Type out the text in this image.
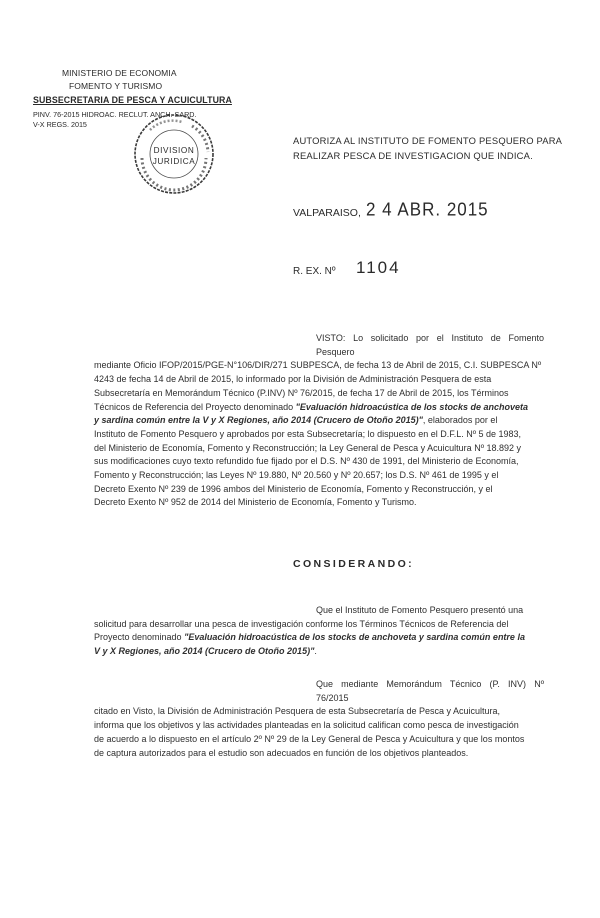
MINISTERIO DE ECONOMIA
FOMENTO Y TURISMO
SUBSECRETARIA DE PESCA Y ACUICULTURA
PINV. 76-2015 HIDROAC. RECLUT. ANCH. SARD.
V-X REGS. 2015
DIVISION
JURIDICA
AUTORIZA AL INSTITUTO DE FOMENTO PESQUERO PARA
REALIZAR PESCA DE INVESTIGACION QUE INDICA.
VALPARAISO, 2 4 ABR. 2015
R. EX. Nº 1104
VISTO: Lo solicitado por el Instituto de Fomento Pesquero
mediante Oficio IFOP/2015/PGE-N°106/DIR/271 SUBPESCA, de fecha 13 de Abril de 2015, C.I. SUBPESCA Nº
4243 de fecha 14 de Abril de 2015, lo informado por la División de Administración Pesquera de esta
Subsecretaría en Memorándum Técnico (P.INV) Nº 76/2015, de fecha 17 de Abril de 2015, los Términos
Técnicos de Referencia del Proyecto denominado "Evaluación hidroacústica de los stocks de anchoveta
y sardina común entre la V y X Regiones, año 2014 (Crucero de Otoño 2015)", elaborados por el
Instituto de Fomento Pesquero y aprobados por esta Subsecretaría; lo dispuesto en el D.F.L. Nº 5 de 1983,
del Ministerio de Economía, Fomento y Reconstrucción; la Ley General de Pesca y Acuicultura Nº 18.892 y
sus modificaciones cuyo texto refundido fue fijado por el D.S. Nº 430 de 1991, del Ministerio de Economía,
Fomento y Reconstrucción; las Leyes Nº 19.880, Nº 20.560 y Nº 20.657; los D.S. Nº 461 de 1995 y el
Decreto Exento Nº 239 de 1996 ambos del Ministerio de Economía, Fomento y Reconstrucción, y el
Decreto Exento Nº 952 de 2014 del Ministerio de Economía, Fomento y Turismo.
CONSIDERANDO:
Que el Instituto de Fomento Pesquero presentó una
solicitud para desarrollar una pesca de investigación conforme los Términos Técnicos de Referencia del
Proyecto denominado "Evaluación hidroacústica de los stocks de anchoveta y sardina común entre la
V y X Regiones, año 2014 (Crucero de Otoño 2015)".
Que mediante Memorándum Técnico (P. INV) Nº 76/2015
citado en Visto, la División de Administración Pesquera de esta Subsecretaría de Pesca y Acuicultura,
informa que los objetivos y las actividades planteadas en la solicitud califican como pesca de investigación
de acuerdo a lo dispuesto en el artículo 2º Nº 29 de la Ley General de Pesca y Acuicultura y que los montos
de captura autorizados para el estudio son adecuados en función de los objetivos planteados.
